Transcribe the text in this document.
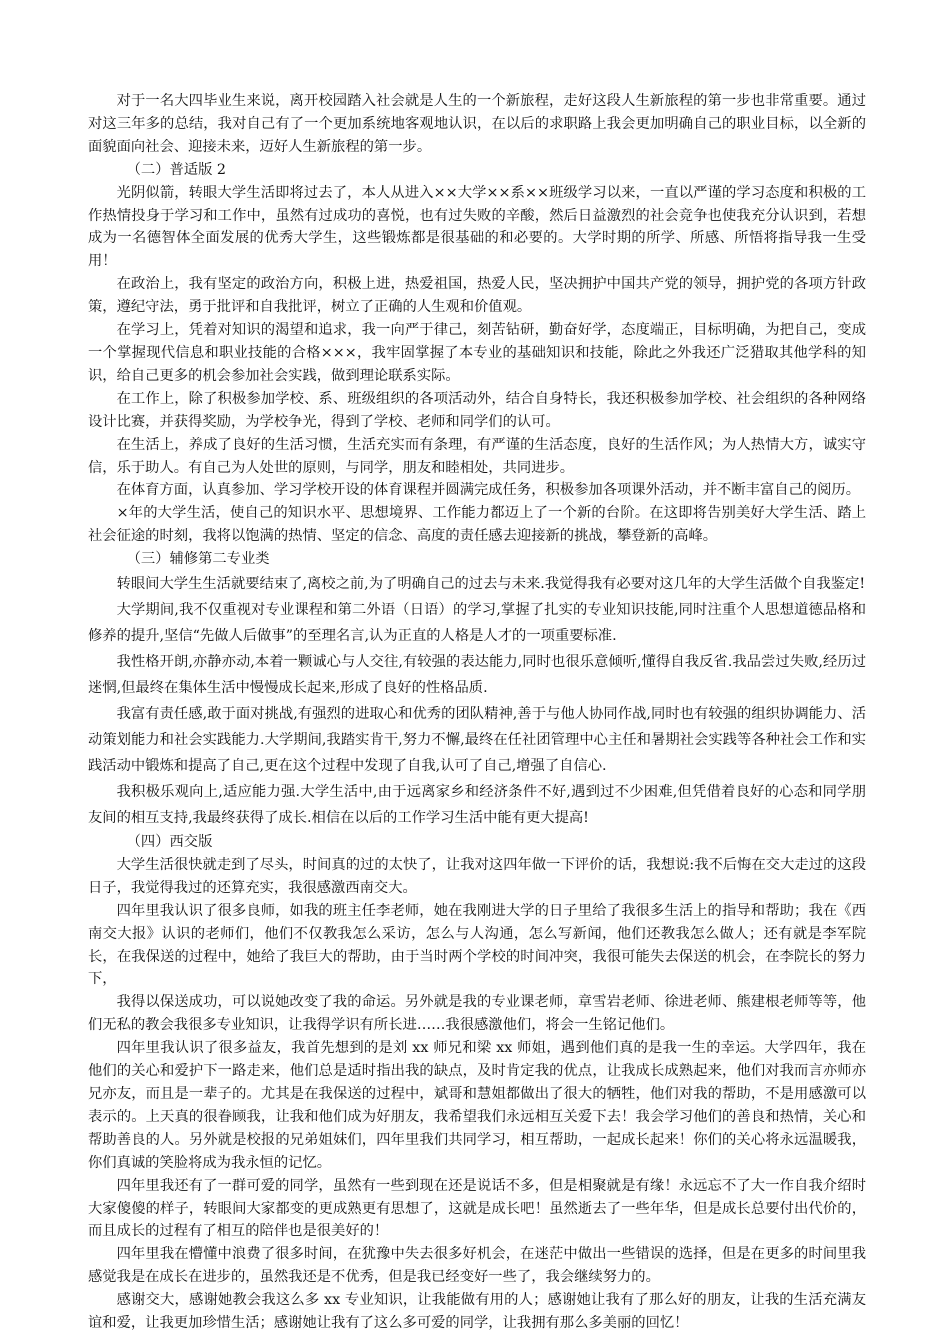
对于一名大四毕业生来说，离开校园踏入社会就是人生的一个新旅程，走好这段人生新旅程的第一步也非常重要。通过对这三年多的总结，我对自己有了一个更加系统地客观地认识，在以后的求职路上我会更加明确自己的职业目标，以全新的面貌面向社会、迎接未来，迈好人生新旅程的第一步。

（二）普适版 2

光阴似箭，转眼大学生活即将过去了，本人从进入××大学××系××班级学习以来，一直以严谨的学习态度和积极的工作热情投身于学习和工作中，虽然有过成功的喜悦，也有过失败的辛酸，然后日益激烈的社会竞争也使我充分认识到，若想成为一名德智体全面发展的优秀大学生，这些锻炼都是很基础的和必要的。大学时期的所学、所感、所悟将指导我一生受用！

在政治上，我有坚定的政治方向，积极上进，热爱祖国，热爱人民，坚决拥护中国共产党的领导，拥护党的各项方针政策，遵纪守法，勇于批评和自我批评，树立了正确的人生观和价值观。

在学习上，凭着对知识的渴望和追求，我一向严于律己，刻苦钻研，勤奋好学，态度端正，目标明确，为把自己，变成一个掌握现代信息和职业技能的合格×××，我牢固掌握了本专业的基础知识和技能，除此之外我还广泛猎取其他学科的知识，给自己更多的机会参加社会实践，做到理论联系实际。

在工作上，除了积极参加学校、系、班级组织的各项活动外，结合自身特长，我还积极参加学校、社会组织的各种网络设计比赛，并获得奖励，为学校争光，得到了学校、老师和同学们的认可。

在生活上，养成了良好的生活习惯，生活充实而有条理，有严谨的生活态度，良好的生活作风；为人热情大方，诚实守信，乐于助人。有自己为人处世的原则，与同学，朋友和睦相处，共同进步。

在体育方面，认真参加、学习学校开设的体育课程并圆满完成任务，积极参加各项课外活动，并不断丰富自己的阅历。

×年的大学生活，使自己的知识水平、思想境界、工作能力都迈上了一个新的台阶。在这即将告别美好大学生活、踏上社会征途的时刻，我将以饱满的热情、坚定的信念、高度的责任感去迎接新的挑战，攀登新的高峰。

（三）辅修第二专业类

转眼间大学生生活就要结束了,离校之前,为了明确自己的过去与未来.我觉得我有必要对这几年的大学生活做个自我鉴定!

大学期间,我不仅重视对专业课程和第二外语（日语）的学习,掌握了扎实的专业知识技能,同时注重个人思想道德品格和修养的提升,坚信“先做人后做事”的至理名言,认为正直的人格是人才的一项重要标准.

我性格开朗,亦静亦动,本着一颗诚心与人交往,有较强的表达能力,同时也很乐意倾听,懂得自我反省.我品尝过失败,经历过迷惘,但最终在集体生活中慢慢成长起来,形成了良好的性格品质.

我富有责任感,敢于面对挑战,有强烈的进取心和优秀的团队精神,善于与他人协同作战,同时也有较强的组织协调能力、活动策划能力和社会实践能力.大学期间,我踏实肯干,努力不懈,最终在任社团管理中心主任和暑期社会实践等各种社会工作和实践活动中锻炼和提高了自己,更在这个过程中发现了自我,认可了自己,增强了自信心.

我积极乐观向上,适应能力强.大学生活中,由于远离家乡和经济条件不好,遇到过不少困难,但凭借着良好的心态和同学朋友间的相互支持,我最终获得了成长.相信在以后的工作学习生活中能有更大提高!

（四）西交版

大学生活很快就走到了尽头，时间真的过的太快了，让我对这四年做一下评价的话，我想说:我不后悔在交大走过的这段日子，我觉得我过的还算充实，我很感激西南交大。

四年里我认识了很多良师，如我的班主任李老师，她在我刚进大学的日子里给了我很多生活上的指导和帮助；我在《西南交大报》认识的老师们，他们不仅教我怎么采访，怎么与人沟通，怎么写新闻，他们还教我怎么做人；还有就是李军院长，在我保送的过程中，她给了我巨大的帮助，由于当时两个学校的时间冲突，我很可能失去保送的机会，在李院长的努力下，

我得以保送成功，可以说她改变了我的命运。另外就是我的专业课老师，章雪岩老师、徐进老师、熊建根老师等等，他们无私的教会我很多专业知识，让我得学识有所长进……我很感激他们，将会一生铭记他们。

四年里我认识了很多益友，我首先想到的是刘 xx 师兄和梁 xx 师姐，遇到他们真的是我一生的幸运。大学四年，我在他们的关心和爱护下一路走来，他们总是适时指出我的缺点，及时肯定我的优点，让我成长成熟起来，他们对我而言亦师亦兄亦友，而且是一辈子的。尤其是在我保送的过程中，斌哥和慧姐都做出了很大的牺牲，他们对我的帮助，不是用感激可以表示的。上天真的很眷顾我，让我和他们成为好朋友，我希望我们永远相互关爱下去！我会学习他们的善良和热情，关心和帮助善良的人。另外就是校报的兄弟姐妹们，四年里我们共同学习，相互帮助，一起成长起来！你们的关心将永远温暖我，你们真诚的笑脸将成为我永恒的记忆。

四年里我还有了一群可爱的同学，虽然有一些到现在还是说话不多，但是相聚就是有缘！永远忘不了大一作自我介绍时大家傻傻的样子，转眼间大家都变的更成熟更有思想了，这就是成长吧！虽然逝去了一些年华，但是成长总要付出代价的，而且成长的过程有了相互的陪伴也是很美好的！

四年里我在懵懂中浪费了很多时间，在犹豫中失去很多好机会，在迷茫中做出一些错误的选择，但是在更多的时间里我感觉我是在成长在进步的，虽然我还是不优秀，但是我已经变好一些了，我会继续努力的。

感谢交大，感谢她教会我这么多 xx 专业知识，让我能做有用的人；感谢她让我有了那么好的朋友，让我的生活充满友谊和爱，让我更加珍惜生活；感谢她让我有了这么多可爱的同学，让我拥有那么多美丽的回忆！
